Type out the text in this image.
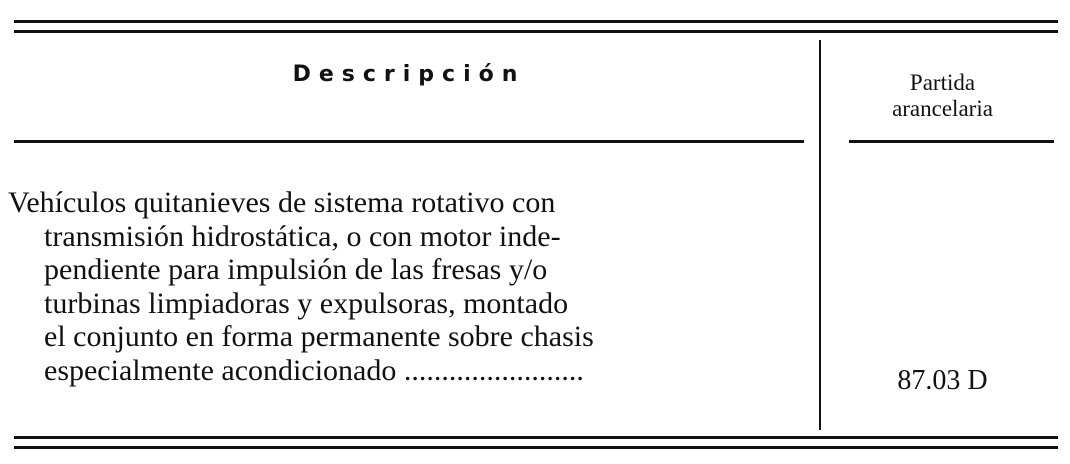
Descripción	Partida
arancelaria
Vehículos quitanieves de sistema rotativo con
transmisión hidrostática, o con motor inde-
pendiente para impulsión de las fresas y/o
turbinas limpiadoras y expulsoras, montado
el conjunto en forma permanente sobre chasis
especialmente acondicionado ........................	87.03 D
